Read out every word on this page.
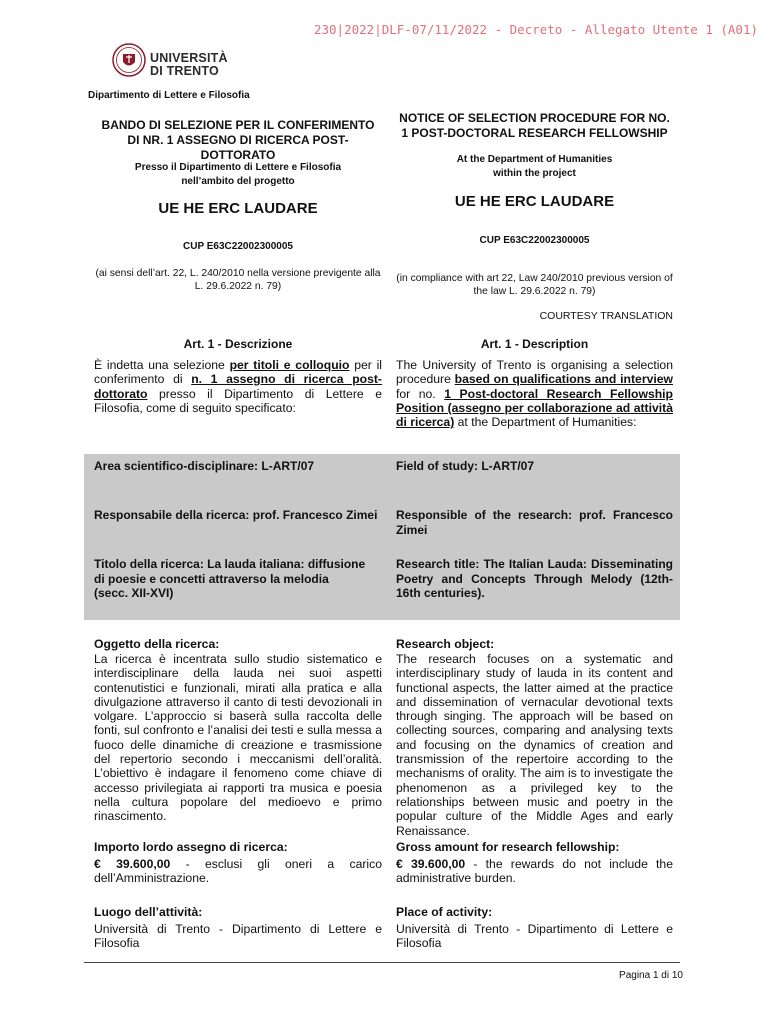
230|2022|DLF-07/11/2022 - Decreto - Allegato Utente 1 (A01)
UNIVERSITÀ
DI TRENTO
Dipartimento di Lettere e Filosofia
BANDO DI SELEZIONE PER IL CONFERIMENTO DI NR. 1 ASSEGNO DI RICERCA POST-DOTTORATO
Presso il Dipartimento di Lettere e Filosofia
nell’ambito del progetto
UE HE ERC LAUDARE
CUP E63C22002300005
(ai sensi dell’art. 22, L. 240/2010 nella versione previgente alla L. 29.6.2022 n. 79)
NOTICE OF SELECTION PROCEDURE FOR NO. 1 POST-DOCTORAL RESEARCH FELLOWSHIP
At the Department of Humanities
within the project
UE HE ERC LAUDARE
CUP E63C22002300005
(in compliance with art 22, Law 240/2010 previous version of the law L. 29.6.2022 n. 79)
COURTESY TRANSLATION
Art. 1 - Descrizione	Art. 1 - Description
È indetta una selezione per titoli e colloquio per il conferimento di n. 1 assegno di ricerca post-dottorato presso il Dipartimento di Lettere e Filosofia, come di seguito specificato:
The University of Trento is organising a selection procedure based on qualifications and interview for no. 1 Post-doctoral Research Fellowship Position (assegno per collaborazione ad attività di ricerca) at the Department of Humanities:
Area scientifico-disciplinare: L-ART/07	Field of study: L-ART/07
Responsabile della ricerca: prof. Francesco Zimei	Responsible of the research: prof. Francesco Zimei
Titolo della ricerca: La lauda italiana: diffusione di poesie e concetti attraverso la melodia (secc. XII-XVI)
Research title: The Italian Lauda: Disseminating Poetry and Concepts Through Melody (12th-16th centuries).
Oggetto della ricerca:
La ricerca è incentrata sullo studio sistematico e interdisciplinare della lauda nei suoi aspetti contenutistici e funzionali, mirati alla pratica e alla divulgazione attraverso il canto di testi devozionali in volgare. L’approccio si baserà sulla raccolta delle fonti, sul confronto e l’analisi dei testi e sulla messa a fuoco delle dinamiche di creazione e trasmissione del repertorio secondo i meccanismi dell’oralità. L’obiettivo è indagare il fenomeno come chiave di accesso privilegiata ai rapporti tra musica e poesia nella cultura popolare del medioevo e primo rinascimento.
Research object:
The research focuses on a systematic and interdisciplinary study of lauda in its content and functional aspects, the latter aimed at the practice and dissemination of vernacular devotional texts through singing. The approach will be based on collecting sources, comparing and analysing texts and focusing on the dynamics of creation and transmission of the repertoire according to the mechanisms of orality. The aim is to investigate the phenomenon as a privileged key to the relationships between music and poetry in the popular culture of the Middle Ages and early Renaissance.
Importo lordo assegno di ricerca:
€ 39.600,00 - esclusi gli oneri a carico dell’Amministrazione.
Gross amount for research fellowship:
€ 39.600,00 - the rewards do not include the administrative burden.
Luogo dell’attività:
Università di Trento - Dipartimento di Lettere e Filosofia
Place of activity:
Università di Trento - Dipartimento di Lettere e Filosofia
Pagina 1 di 10
